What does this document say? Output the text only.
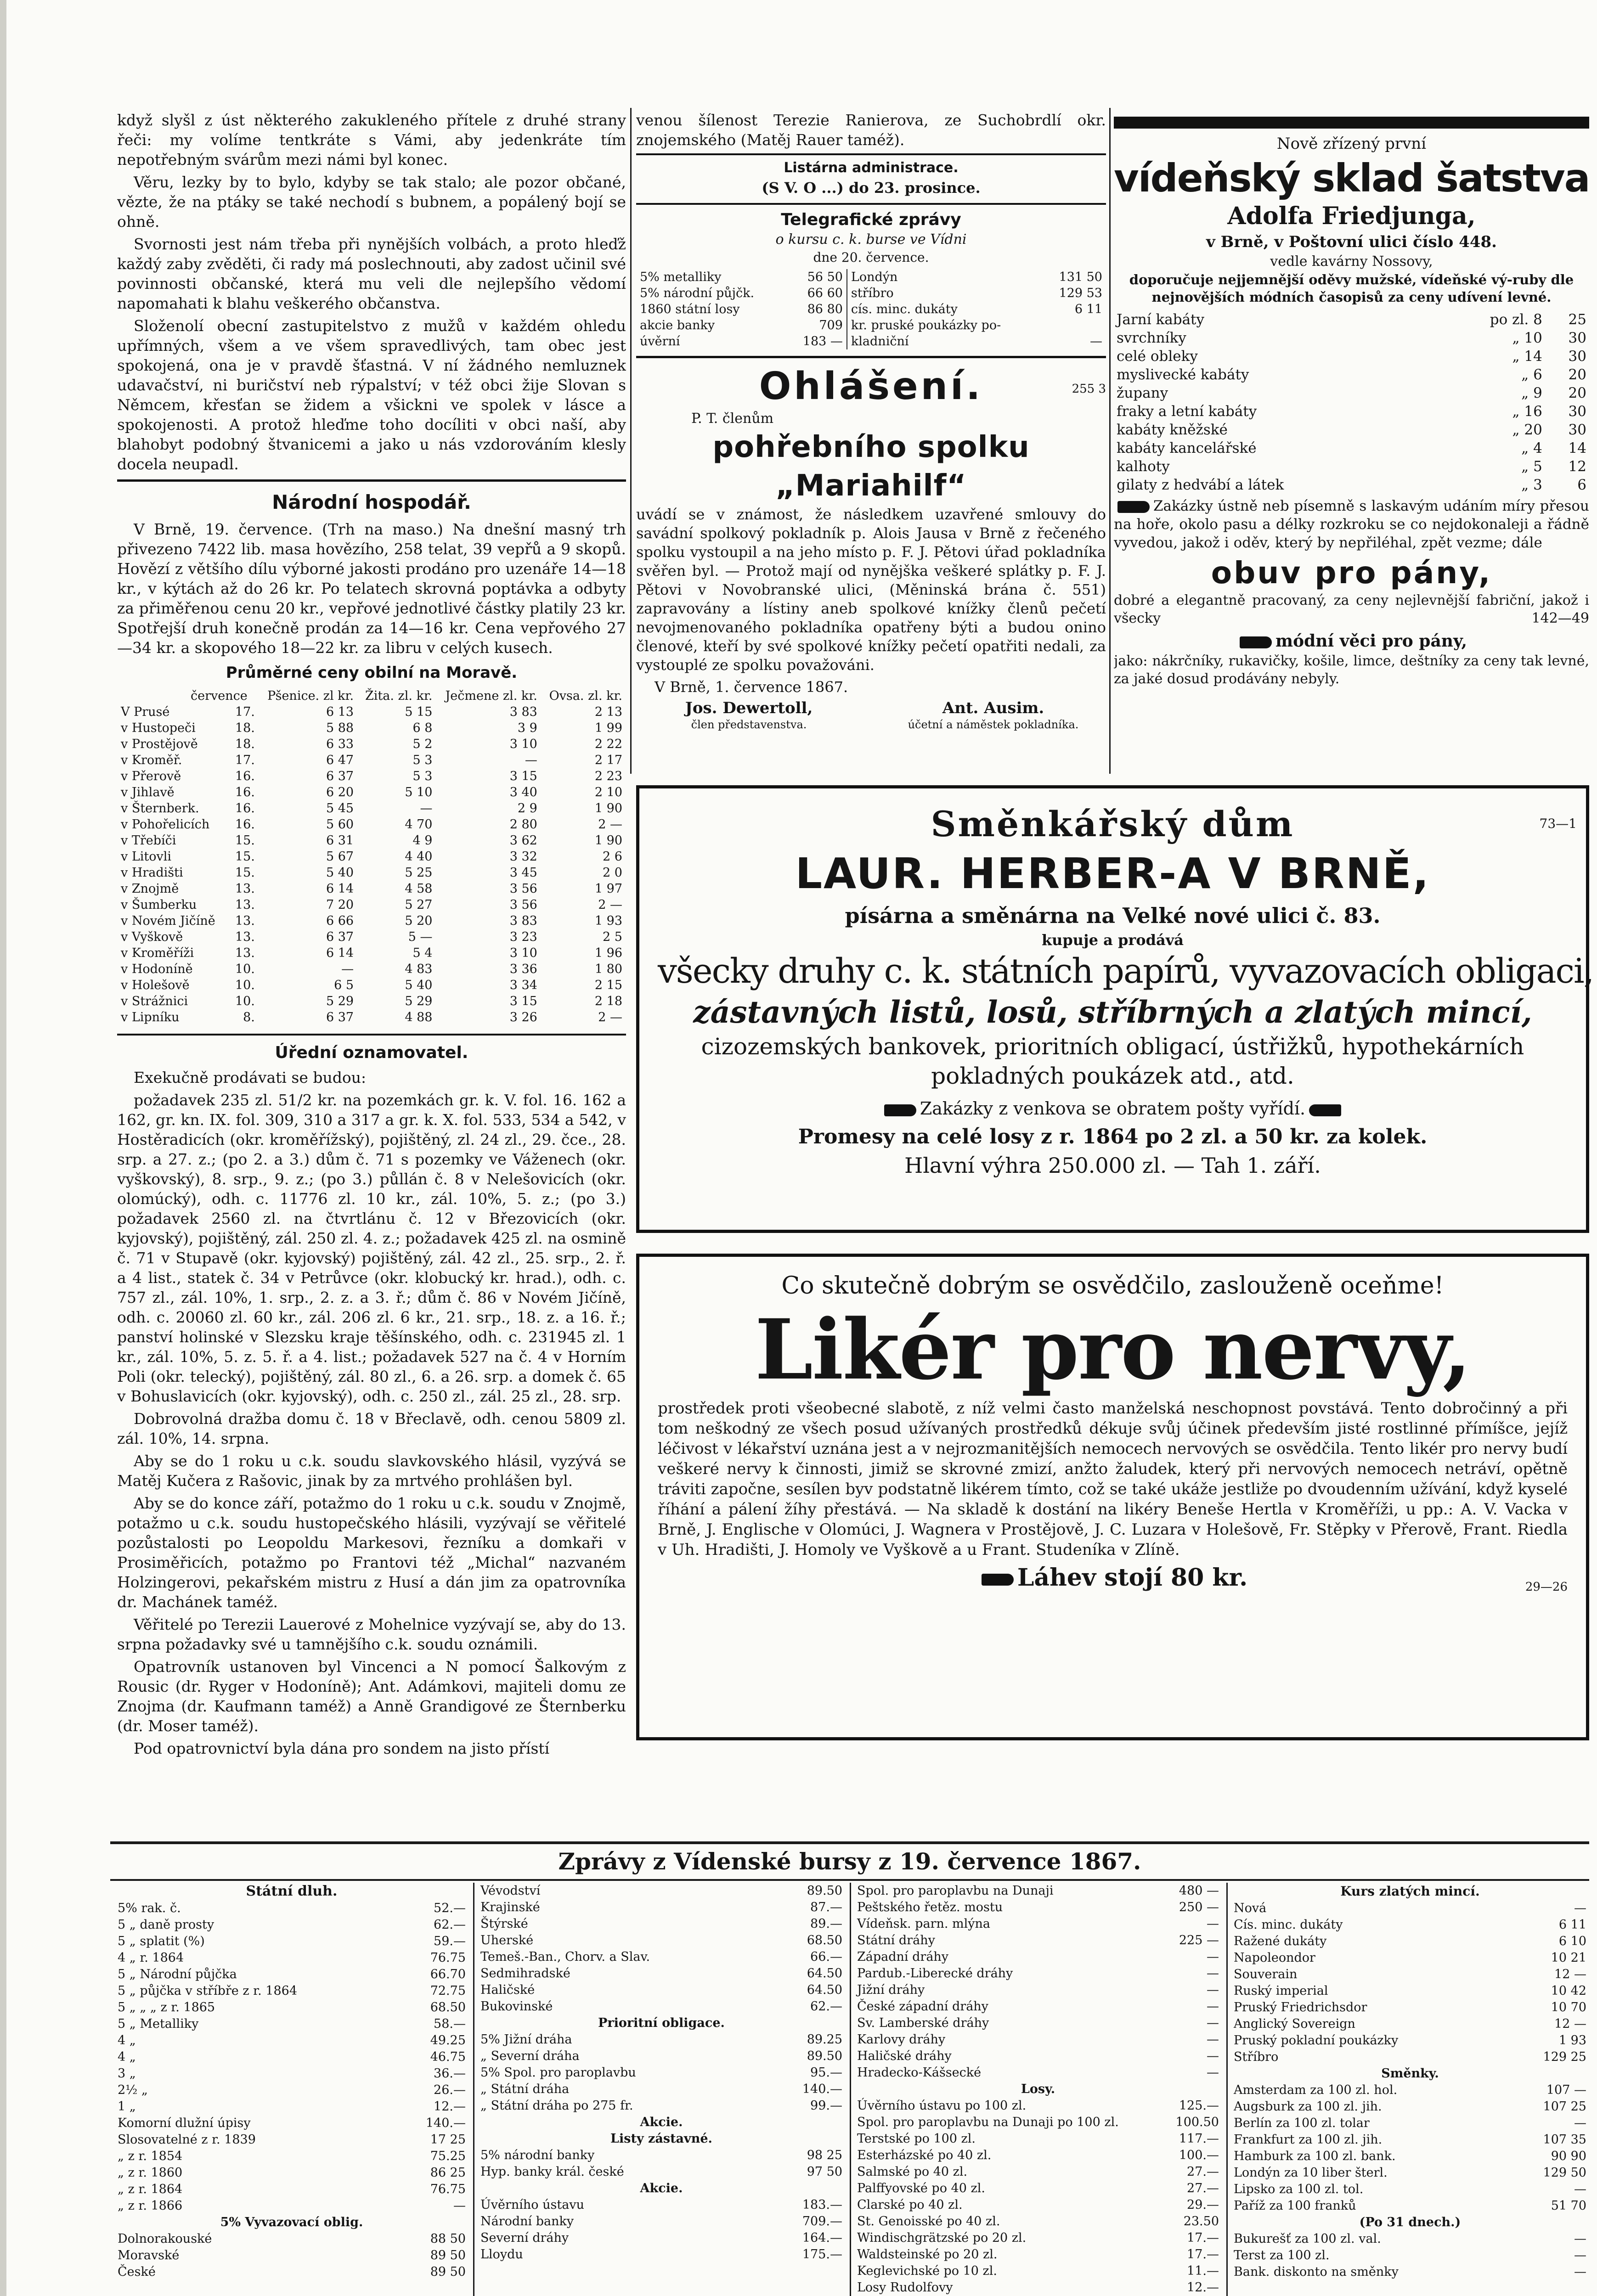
když slyšl z úst některého zakukleného přítele z druhé strany řeči: my volíme tentkráte s Vámi, aby jedenkráte tím nepotřebným svárům mezi námi byl konec.

Věru, lezky by to bylo, kdyby se tak stalo; ale pozor občané, vězte, že na ptáky se také nechodí s bubnem, a popálený bojí se ohně.

Svornosti jest nám třeba při nynějších volbách, a proto hleďž každý zaby zvěděti, či rady má poslechnouti, aby zadost učinil své povinnosti občanské, která mu veli dle nejlepšího vědomí napomahati k blahu veškerého občanstva.

Složenolí obecní zastupitelstvo z mužů v každém ohledu upřímných, všem a ve všem spravedlivých, tam obec jest spokojená, ona je v pravdě šťastná. V ní žádného nemluznek udavačství, ni buričství neb rýpalství; v též obci žije Slovan s Němcem, křesťan se židem a všickni ve spolek v lásce a spokojenosti. A protož hleďme toho docíliti v obci naší, aby blahobyt podobný štvanicemi a jako u nás vzdorováním klesly docela neupadl.

Národní hospodář.

V Brně, 19. července. (Trh na maso.) Na dnešní masný trh přivezeno 7422 lib. masa hovězího, 258 telat, 39 vepřů a 9 skopů. Hovězí z většího dílu výborné jakosti prodáno pro uzenáře 14—18 kr., v kýtách až do 26 kr. Po telatech skrovná poptávka a odbyty za přiměřenou cenu 20 kr., vepřové jednotlivé částky platily 23 kr. Spotřejší druh konečně prodán za 14—16 kr. Cena vepřového 27—34 kr. a skopového 18—22 kr. za libru v celých kusech.

Průměrné ceny obilní na Moravě.
července		Pšenice. zl kr.	Žita. zl. kr.	Ječmene zl. kr.	Ovsa. zl. kr.
V Prusé	17.	6 13	5 15	3 83	2 13
v Hustopeči	18.	5 88	6 8	3 9	1 99
v Prostějově	18.	6 33	5 2	3 10	2 22
v Kroměř.	17.	6 47	5 3	—	2 17
v Přerově	16.	6 37	5 3	3 15	2 23
v Jihlavě	16.	6 20	5 10	3 40	2 10
v Šternberk.	16.	5 45	—	2 9	1 90
v Pohořelicích	16.	5 60	4 70	2 80	2 —
v Třebíči	15.	6 31	4 9	3 62	1 90
v Litovli	15.	5 67	4 40	3 32	2 6
v Hradišti	15.	5 40	5 25	3 45	2 0
v Znojmě	13.	6 14	4 58	3 56	1 97
v Šumberku	13.	7 20	5 27	3 56	2 —
v Novém Jičíně	13.	6 66	5 20	3 83	1 93
v Vyškově	13.	6 37	5 —	3 23	2 5
v Kroměříži	13.	6 14	5 4	3 10	1 96
v Hodoníně	10.	—	4 83	3 36	1 80
v Holešově	10.	6 5	5 40	3 34	2 15
v Strážnici	10.	5 29	5 29	3 15	2 18
v Lipníku	8.	6 37	4 88	3 26	2 —
Úřední oznamovatel.

Exekučně prodávati se budou:

požadavek 235 zl. 51/2 kr. na pozemkách gr. k. V. fol. 16. 162 a 162, gr. kn. IX. fol. 309, 310 a 317 a gr. k. X. fol. 533, 534 a 542, v Hostěradicích (okr. kroměřížský), pojištěný, zl. 24 zl., 29. čce., 28. srp. a 27. z.; (po 2. a 3.) dům č. 71 s pozemky ve Váženech (okr. vyškovský), 8. srp., 9. z.; (po 3.) půllán č. 8 v Nelešovicích (okr. olomúcký), odh. c. 11776 zl. 10 kr., zál. 10%, 5. z.; (po 3.) požadavek 2560 zl. na čtvrtlánu č. 12 v Březovicích (okr. kyjovský), pojištěný, zál. 250 zl. 4. z.; požadavek 425 zl. na osmině č. 71 v Stupavě (okr. kyjovský) pojištěný, zál. 42 zl., 25. srp., 2. ř. a 4 list., statek č. 34 v Petrůvce (okr. klobucký kr. hrad.), odh. c. 757 zl., zál. 10%, 1. srp., 2. z. a 3. ř.; dům č. 86 v Novém Jičíně, odh. c. 20060 zl. 60 kr., zál. 206 zl. 6 kr., 21. srp., 18. z. a 16. ř.; panství holinské v Slezsku kraje těšínského, odh. c. 231945 zl. 1 kr., zál. 10%, 5. z. 5. ř. a 4. list.; požadavek 527 na č. 4 v Horním Poli (okr. telecký), pojištěný, zál. 80 zl., 6. a 26. srp. a domek č. 65 v Bohuslavicích (okr. kyjovský), odh. c. 250 zl., zál. 25 zl., 28. srp.

Dobrovolná dražba domu č. 18 v Břeclavě, odh. cenou 5809 zl. zál. 10%, 14. srpna.

Aby se do 1 roku u c.k. soudu slavkovského hlásil, vyzývá se Matěj Kučera z Rašovic, jinak by za mrtvého prohlášen byl.

Aby se do konce září, potažmo do 1 roku u c.k. soudu v Znojmě, potažmo u c.k. soudu hustopečského hlásili, vyzývají se věřitelé pozůstalosti po Leopoldu Markesovi, řezníku a domkaři v Prosiměřicích, potažmo po Frantovi též „Michal“ nazvaném Holzingerovi, pekařském mistru z Husí a dán jim za opatrovníka dr. Machánek taméž.

Věřitelé po Terezii Lauerové z Mohelnice vyzývají se, aby do 13. srpna požadavky své u tamnějšího c.k. soudu oznámili.

Opatrovník ustanoven byl Vincenci a N pomocí Šalkovým z Rousic (dr. Ryger v Hodoníně); Ant. Adámkovi, majiteli domu ze Znojma (dr. Kaufmann taméž) a Anně Grandigové ze Šternberku (dr. Moser taméž).

Pod opatrovnictví byla dána pro sondem na jisto přístí

venou šílenost Terezie Ranierova, ze Suchobrdlí okr. znojemského (Matěj Rauer taméž).

Listárna administrace.
(S V. O ...) do 23. prosince.
Telegrafické zprávy
o kursu c. k. burse ve Vídni
dne 20. července.
5% metalliky	56 50	Londýn	131 50
5% národní půjčk.	66 60	stříbro	129 53
1860 státní losy	86 80	cís. minc. dukáty	6 11
akcie banky	709	kr. pruské poukázky po-	
úvěrní	183 —	kladniční	—
Ohlášení.	255 3
P. T. členům
pohřebního spolku „Mariahilf“

uvádí se v známost, že následkem uzavřené smlouvy do savádní spolkový pokladník p. Alois Jausa v Brně z řečeného spolku vystoupil a na jeho místo p. F. J. Pětovi úřad pokladníka svěřen byl. — Protož mají od nynějška veškeré splátky p. F. J. Pětovi v Novobranské ulici, (Měninská brána č. 551) zapravovány a lístiny aneb spolkové knížky členů pečetí nevojmenovaného pokladníka opatřeny býti a budou onino členové, kteří by své spolkové knížky pečetí opatřiti nedali, za vystouplé ze spolku považováni.

V Brně, 1. července 1867.
Jos. Dewertoll,
člen představenstva.
Ant. Ausim.
účetní a náměstek pokladníka.
Nově zřízený první
vídeňský sklad šatstva
Adolfa Friedjunga,
v Brně, v Poštovní ulici číslo 448.
vedle kavárny Nossovy,
doporučuje nejjemnější oděvy mužské, vídeňské vý-ruby dle nejnovějších módních časopisů za ceny udívení levné.
Jarní kabáty	po zl. 8	25
svrchníky	„ 10	30
celé obleky	„ 14	30
myslivecké kabáty	„ 6	20
župany	„ 9	20
fraky a letní kabáty	„ 16	30
kabáty kněžské	„ 20	30
kabáty kancelářské	„ 4	14
kalhoty	„ 5	12
gilaty z hedvábí a látek	„ 3	6

Zakázky ústně neb písemně s laskavým udáním míry přesou na hoře, okolo pasu a délky rozkroku se co nejdokonaleji a řádně vyvedou, jakož i oděv, který by nepřiléhal, zpět vezme; dále

obuv pro pány,

dobré a elegantně pracovaný, za ceny nejlevnější fabriční, jakož i všecky	142—49

módní věci pro pány,

jako: nákrčníky, rukavičky, košile, limce, deštníky za ceny tak levné, za jaké dosud prodávány nebyly.

Směnkářský dům	73—1
LAUR. HERBER-A V BRNĚ,
písárna a směnárna na Velké nové ulici č. 83.
kupuje a prodává
všecky druhy c. k. státních papírů, vyvazovacích obligaci,
zástavných listů, losů, stříbrných a zlatých mincí,
cizozemských bankovek, prioritních obligací, ústřižků, hypothekárních pokladných poukázek atd., atd.
Zakázky z venkova se obratem pošty vyřídí.
Promesy na celé losy z r. 1864 po 2 zl. a 50 kr. za kolek.
Hlavní výhra 250.000 zl. — Tah 1. září.
Co skutečně dobrým se osvědčilo, zaslouženě oceňme!
Likér pro nervy,

prostředek proti všeobecné slabotě, z níž velmi často manželská neschopnost povstává. Tento dobročinný a při tom neškodný ze všech posud užívaných prostředků dékuje svůj účinek především jisté rostlinné přímíšce, jejíž léčivost v lékařství uznána jest a v nejrozmanitějších nemocech nervových se osvědčila. Tento likér pro nervy budí veškeré nervy k činnosti, jimiž se skrovné zmizí, anžto žaludek, který při nervových nemocech netráví, opětně tráviti započne, sesílen byv podstatně likérem tímto, což se také ukáže jestliže po dvoudenním užívání, když kyselé říhání a pálení žíhy přestává. — Na skladě k dostání na likéry Beneše Hertla v Kroměříži, u pp.: A. V. Vacka v Brně, J. Englische v Olomúci, J. Wagnera v Prostějově, J. C. Luzara v Holešově, Fr. Stěpky v Přerově, Frant. Riedla v Uh. Hradišti, J. Homoly ve Vyškově a u Frant. Studeníka v Zlíně.

Láhev stojí 80 kr.	29—26
Zprávy z Vídenské bursy z 19. července 1867.
Státní dluh.
5% rak. č.	52.—
5 „ daně prosty	62.—
5 „ splatit (%)	59.—
4 „ r. 1864	76.75
5 „ Národní půjčka	66.70
5 „ půjčka v stříbře z r. 1864	72.75
5 „ „ „ z r. 1865	68.50
5 „ Metalliky	58.—
4 „	49.25
4 „	46.75
3 „	36.—
2½ „	26.—
1 „	12.—
Komorní dlužní úpisy	140.—
Slosovatelné z r. 1839	17 25
„ z r. 1854	75.25
„ z r. 1860	86 25
„ z r. 1864	76.75
„ z r. 1866	—
5% Vyvazovací oblig.	
Dolnorakouské	88 50
Moravské	89 50
České	89 50
Vévodství	89.50
Krajinské	87.—
Štýrské	89.—
Uherské	68.50
Temeš.-Ban., Chorv. a Slav.	66.—
Sedmihradské	64.50
Haličské	64.50
Bukovinské	62.—
Prioritní obligace.	
5% Jižní dráha	89.25
„ Severní dráha	89.50
5% Spol. pro paroplavbu	95.—
„ Státní dráha	140.—
„ Státní dráha po 275 fr.	99.—
Akcie.	
Listy zástavné.	
5% národní banky	98 25
Hyp. banky král. české	97 50
Akcie.	
Úvěrního ústavu	183.—
Národní banky	709.—
Severní dráhy	164.—
Lloydu	175.—
Spol. pro paroplavbu na Dunaji	480 —
Peštského řetěz. mostu	250 —
Vídeňsk. parn. mlýna	—
Státní dráhy	225 —
Západní dráhy	—
Pardub.-Liberecké dráhy	—
Jižní dráhy	—
České západní dráhy	—
Sv. Lamberské dráhy	—
Karlovy dráhy	—
Haličské dráhy	—
Hradecko-Kášsecké	—
Losy.	
Úvěrního ústavu po 100 zl.	125.—
Spol. pro paroplavbu na Dunaji po 100 zl.	100.50
Terstské po 100 zl.	117.—
Esterházské po 40 zl.	100.—
Salmské po 40 zl.	27.—
Palffyovské po 40 zl.	27.—
Clarské po 40 zl.	29.—
St. Genoisské po 40 zl.	23.50
Windischgrätzské po 20 zl.	17.—
Waldsteinské po 20 zl.	17.—
Keglevichské po 10 zl.	11.—
Losy Rudolfovy	12.—
Kurs zlatých mincí.
Nová	—
Cís. minc. dukáty	6 11
Ražené dukáty	6 10
Napoleondor	10 21
Souverain	12 —
Ruský imperial	10 42
Pruský Friedrichsdor	10 70
Anglický Sovereign	12 —
Pruský pokladní poukázky	1 93
Stříbro	129 25
Směnky.	
Amsterdam za 100 zl. hol.	107 —
Augsburk za 100 zl. jih.	107 25
Berlín za 100 zl. tolar	—
Frankfurt za 100 zl. jih.	107 35
Hamburk za 100 zl. bank.	90 90
Londýn za 10 liber šterl.	129 50
Lipsko za 100 zl. tol.	—
Paříž za 100 franků	51 70
(Po 31 dnech.)	
Bukurešť za 100 zl. val.	—
Terst za 100 zl.	—
Bank. diskonto na směnky	—
